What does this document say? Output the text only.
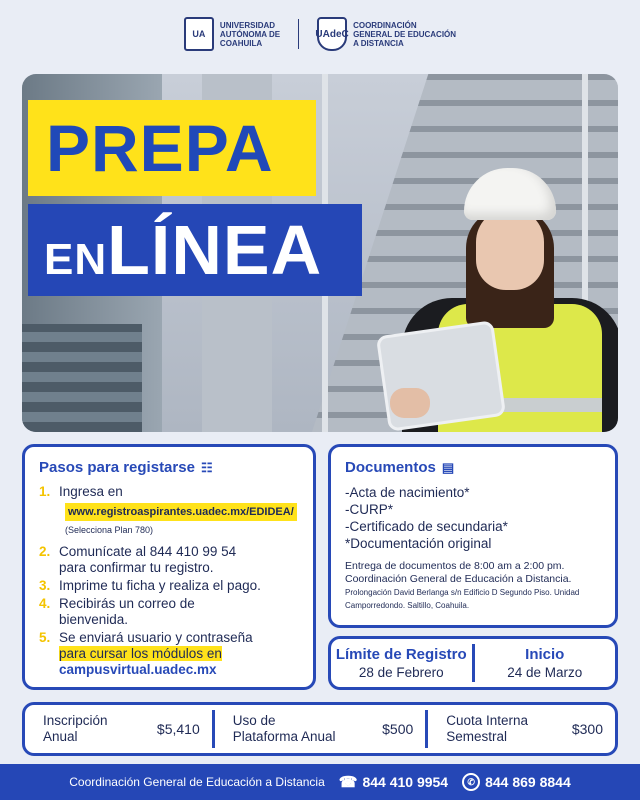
UA
UNIVERSIDAD
AUTÓNOMA DE
COAHUILA
UAdeC
COORDINACIÓN
GENERAL DE EDUCACIÓN
A DISTANCIA
PREPA
ENLÍNEA
Pasos para registarse ☷
1. Ingresa en
www.registroaspirantes.uadec.mx/EDIDEA/
(Selecciona Plan 780)
2. Comunícate al 844 410 99 54
para confirmar tu registro.
3. Imprime tu ficha y realiza el pago.
4. Recibirás un correo de
bienvenida.
5. Se enviará usuario y contraseña
para cursar los módulos en
campusvirtual.uadec.mx
Documentos ▤
-Acta de nacimiento*
-CURP*
-Certificado de secundaria*
*Documentación original
Entrega de documentos de 8:00 am a 2:00 pm. Coordinación General de Educación a Distancia. Prolongación David Berlanga s/n Edificio D Segundo Piso. Unidad Camporredondo. Saltillo, Coahuila.
Límite de Registro
28 de Febrero
Inicio
24 de Marzo
Inscripción
Anual	$5,410
Uso de
Plataforma Anual	$500
Cuota Interna
Semestral	$300
Coordinación General de Educación a Distancia ☎ 844 410 9954	✆ 844 869 8844
